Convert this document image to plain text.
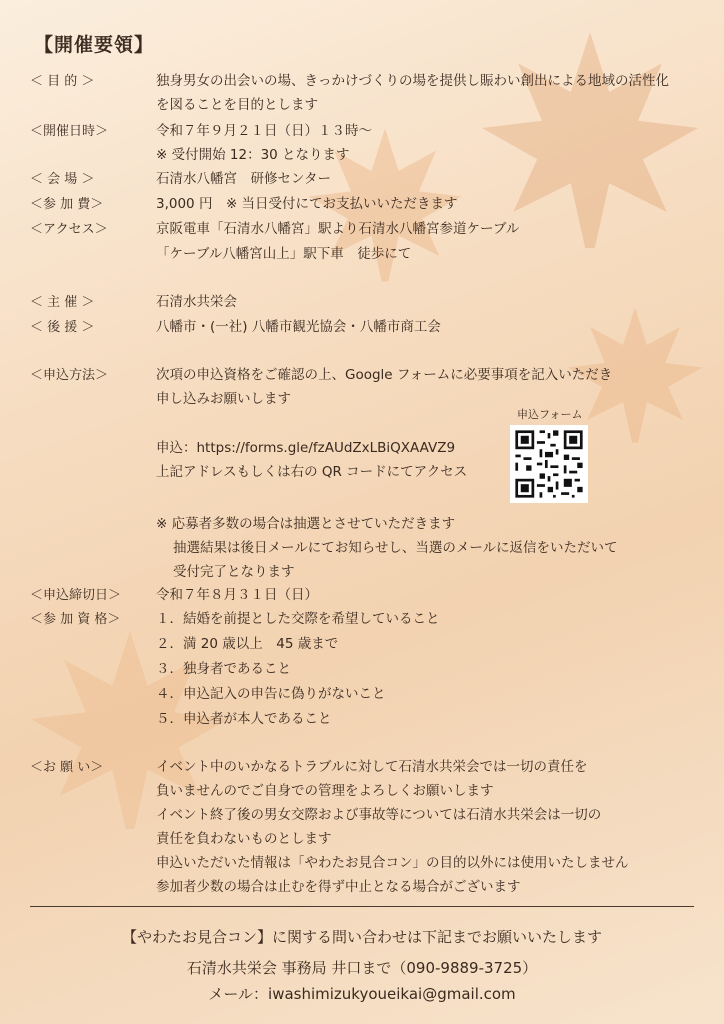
【開催要領】
＜ 目 的 ＞	独身男女の出会いの場、きっかけづくりの場を提供し賑わい創出による地域の活性化
を図ることを目的とします
＜開催日時＞	令和７年９月２１日（日）１３時～
※ 受付開始 12：30 となります
＜ 会 場 ＞	石清水八幡宮　研修センター
＜参 加 費＞	3,000 円　※ 当日受付にてお支払いいただきます
＜アクセス＞	京阪電車「石清水八幡宮」駅より石清水八幡宮参道ケーブル
「ケーブル八幡宮山上」駅下車　徒歩にて
＜ 主 催 ＞	石清水共栄会
＜ 後 援 ＞	八幡市・(一社) 八幡市観光協会・八幡市商工会
＜申込方法＞	次項の申込資格をご確認の上、Google フォームに必要事項を記入いただき
申し込みお願いします
申込：https://forms.gle/fzAUdZxLBiQXAAVZ9
上記アドレスもしくは右の QR コードにてアクセス
申込フォーム
※ 応募者多数の場合は抽選とさせていただきます
抽選結果は後日メールにてお知らせし、当選のメールに返信をいただいて
受付完了となります
＜申込締切日＞	令和７年８月３１日（日）
＜参 加 資 格＞	１．結婚を前提とした交際を希望していること
２．満 20 歳以上　45 歳まで
３．独身者であること
４．申込記入の申告に偽りがないこと
５．申込者が本人であること
＜お 願 い＞	イベント中のいかなるトラブルに対して石清水共栄会では一切の責任を
負いませんのでご自身での管理をよろしくお願いします
イベント終了後の男女交際および事故等については石清水共栄会は一切の
責任を負わないものとします
申込いただいた情報は「やわたお見合コン」の目的以外には使用いたしません
参加者少数の場合は止むを得ず中止となる場合がございます
【やわたお見合コン】に関する問い合わせは下記までお願いいたします
石清水共栄会 事務局 井口まで（090-9889-3725）
メール：iwashimizukyoueikai@gmail.com
